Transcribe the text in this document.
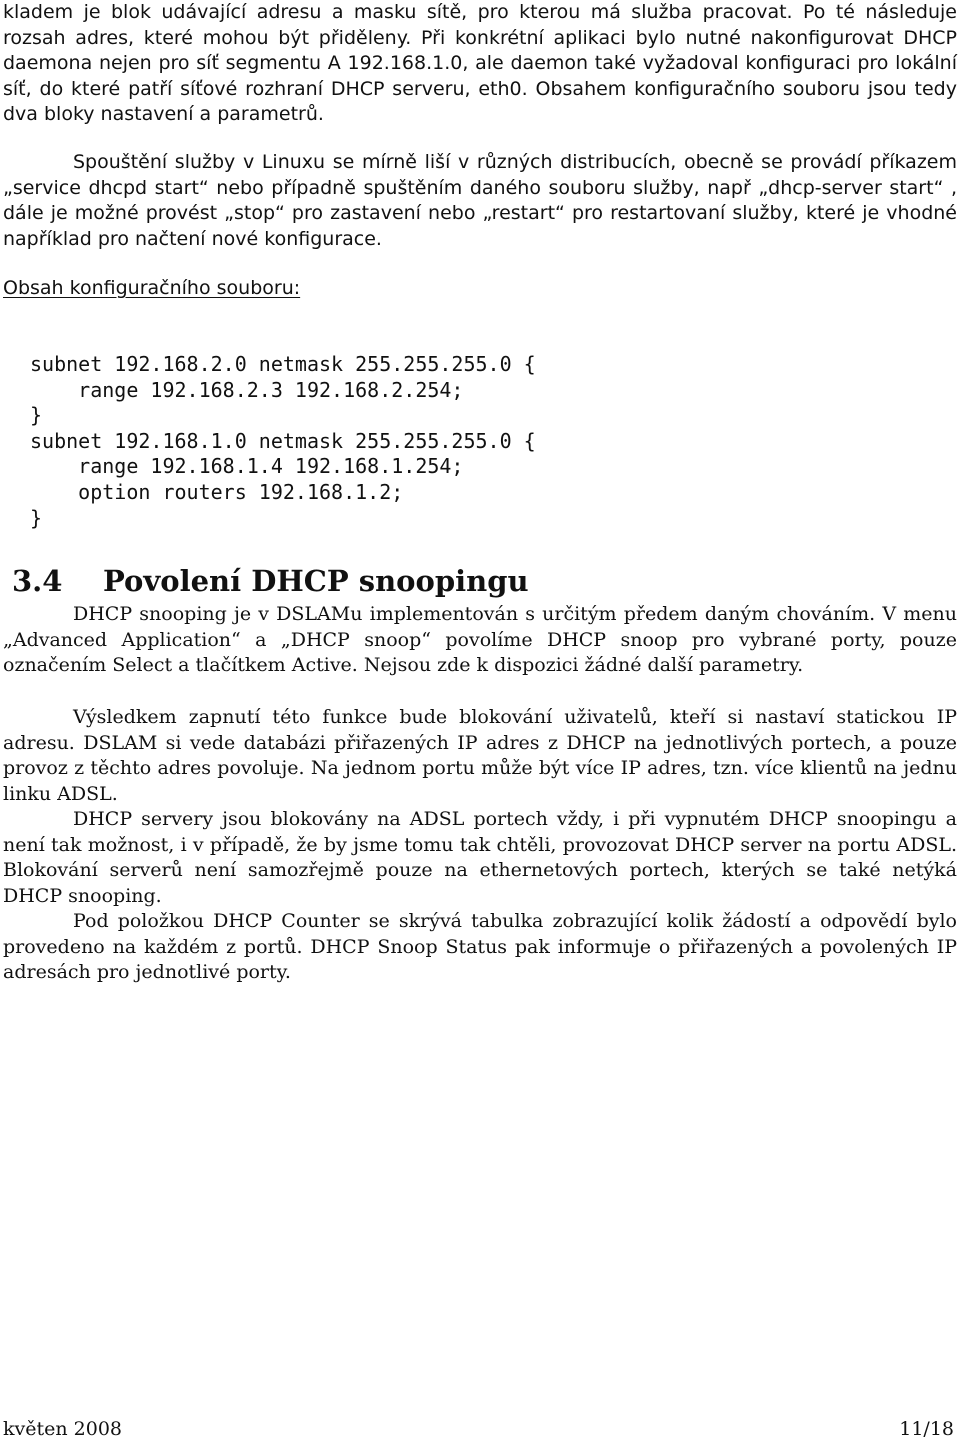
kladem je blok udávající adresu a masku sítě, pro kterou má služba pracovat. Po té následuje rozsah adres, které mohou být přiděleny. Při konkrétní aplikaci bylo nutné nakonfigurovat DHCP daemona nejen pro síť segmentu A 192.168.1.0, ale daemon také vyžadoval konfiguraci pro lokální síť, do které patří síťové rozhraní DHCP serveru, eth0. Obsahem konfiguračního souboru jsou tedy dva bloky nastavení a parametrů.

Spouštění služby v Linuxu se mírně liší v různých distribucích, obecně se provádí příkazem „service dhcpd start“ nebo případně spuštěním daného souboru služby, např „dhcp-server start“ , dále je možné provést „stop“ pro zastavení nebo „restart“ pro restartovaní služby, které je vhodné například pro načtení nové konfigurace.

Obsah konfiguračního souboru:

subnet 192.168.2.0 netmask 255.255.255.0 {
range 192.168.2.3 192.168.2.254;
}
subnet 192.168.1.0 netmask 255.255.255.0 {
range 192.168.1.4 192.168.1.254;
option routers 192.168.1.2;
}
3.4 Povolení DHCP snoopingu

DHCP snooping je v DSLAMu implementován s určitým předem daným chováním. V menu „Advanced Application“ a „DHCP snoop“ povolíme DHCP snoop pro vybrané porty, pouze označením Select a tlačítkem Active. Nejsou zde k dispozici žádné další parametry.

Výsledkem zapnutí této funkce bude blokování uživatelů, kteří si nastaví statickou IP adresu. DSLAM si vede databázi přiřazených IP adres z DHCP na jednotlivých portech, a pouze provoz z těchto adres povoluje. Na jednom portu může být více IP adres, tzn. více klientů na jednu linku ADSL.

DHCP servery jsou blokovány na ADSL portech vždy, i při vypnutém DHCP snoopingu a není tak možnost, i v případě, že by jsme tomu tak chtěli, provozovat DHCP server na portu ADSL. Blokování serverů není samozřejmě pouze na ethernetových portech, kterých se také netýká DHCP snooping.

Pod položkou DHCP Counter se skrývá tabulka zobrazující kolik žádostí a odpovědí bylo provedeno na každém z portů. DHCP Snoop Status pak informuje o přiřazených a povolených IP adresách pro jednotlivé porty.

květen 2008	11/18
